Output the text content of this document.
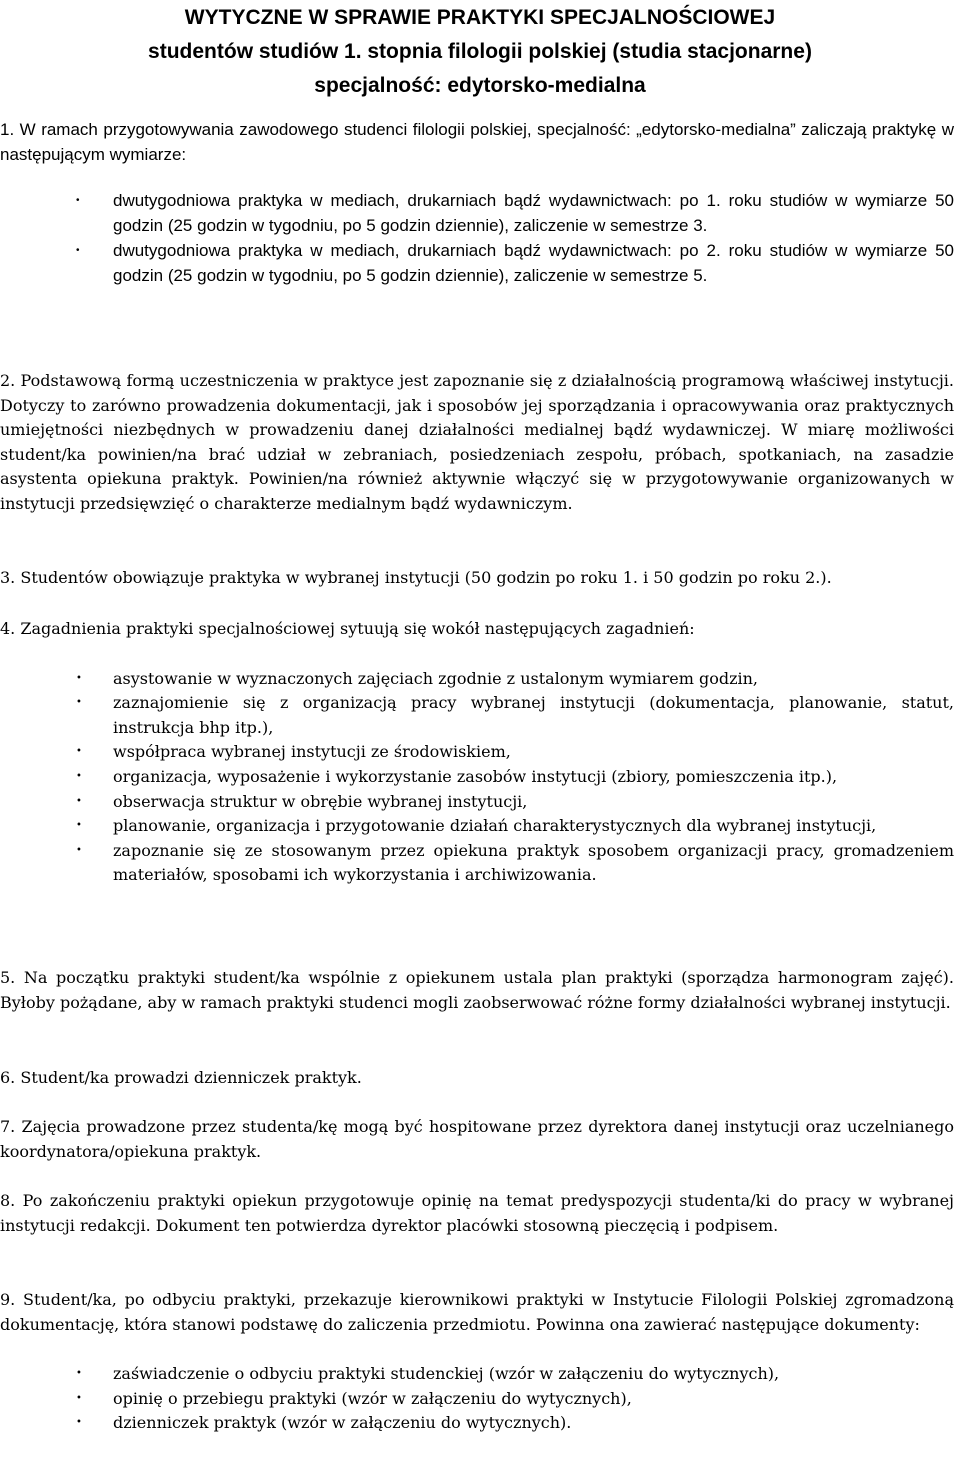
WYTYCZNE W SPRAWIE PRAKTYKI SPECJALNOŚCIOWEJ

studentów studiów 1. stopnia filologii polskiej (studia stacjonarne)

specjalność: edytorsko-medialna

1. W ramach przygotowywania zawodowego studenci filologii polskiej, specjalność: „edytorsko-medialna” zaliczają praktykę w następującym wymiarze:

• dwutygodniowa praktyka w mediach, drukarniach bądź wydawnictwach: po 1. roku studiów w wymiarze 50 godzin (25 godzin w tygodniu, po 5 godzin dziennie), zaliczenie w semestrze 3.
• dwutygodniowa praktyka w mediach, drukarniach bądź wydawnictwach: po 2. roku studiów w wymiarze 50 godzin (25 godzin w tygodniu, po 5 godzin dziennie), zaliczenie w semestrze 5.

2. Podstawową formą uczestniczenia w praktyce jest zapoznanie się z działalnością programową właściwej instytucji. Dotyczy to zarówno prowadzenia dokumentacji, jak i sposobów jej sporządzania i opracowywania oraz praktycznych umiejętności niezbędnych w prowadzeniu danej działalności medialnej bądź wydawniczej. W miarę możliwości student/ka powinien/na brać udział w zebraniach, posiedzeniach zespołu, próbach, spotkaniach, na zasadzie asystenta opiekuna praktyk. Powinien/na również aktywnie włączyć się w przygotowywanie organizowanych w instytucji przedsięwzięć o charakterze medialnym bądź wydawniczym.

3. Studentów obowiązuje praktyka w wybranej instytucji (50 godzin po roku 1. i 50 godzin po roku 2.).

4. Zagadnienia praktyki specjalnościowej sytuują się wokół następujących zagadnień:

• asystowanie w wyznaczonych zajęciach zgodnie z ustalonym wymiarem godzin,
• zaznajomienie się z organizacją pracy wybranej instytucji (dokumentacja, planowanie, statut, instrukcja bhp itp.),
• współpraca wybranej instytucji ze środowiskiem,
• organizacja, wyposażenie i wykorzystanie zasobów instytucji (zbiory, pomieszczenia itp.),
• obserwacja struktur w obrębie wybranej instytucji,
• planowanie, organizacja i przygotowanie działań charakterystycznych dla wybranej instytucji,
• zapoznanie się ze stosowanym przez opiekuna praktyk sposobem organizacji pracy, gromadzeniem materiałów, sposobami ich wykorzystania i archiwizowania.

5. Na początku praktyki student/ka wspólnie z opiekunem ustala plan praktyki (sporządza harmonogram zajęć). Byłoby pożądane, aby w ramach praktyki studenci mogli zaobserwować różne formy działalności wybranej instytucji.

6. Student/ka prowadzi dzienniczek praktyk.

7. Zajęcia prowadzone przez studenta/kę mogą być hospitowane przez dyrektora danej instytucji oraz uczelnianego koordynatora/opiekuna praktyk.

8. Po zakończeniu praktyki opiekun przygotowuje opinię na temat predyspozycji studenta/ki do pracy w wybranej instytucji redakcji. Dokument ten potwierdza dyrektor placówki stosowną pieczęcią i podpisem.

9. Student/ka, po odbyciu praktyki, przekazuje kierownikowi praktyki w Instytucie Filologii Polskiej zgromadzoną dokumentację, która stanowi podstawę do zaliczenia przedmiotu. Powinna ona zawierać następujące dokumenty:

• zaświadczenie o odbyciu praktyki studenckiej (wzór w załączeniu do wytycznych),
• opinię o przebiegu praktyki (wzór w załączeniu do wytycznych),
• dzienniczek praktyk (wzór w załączeniu do wytycznych).
